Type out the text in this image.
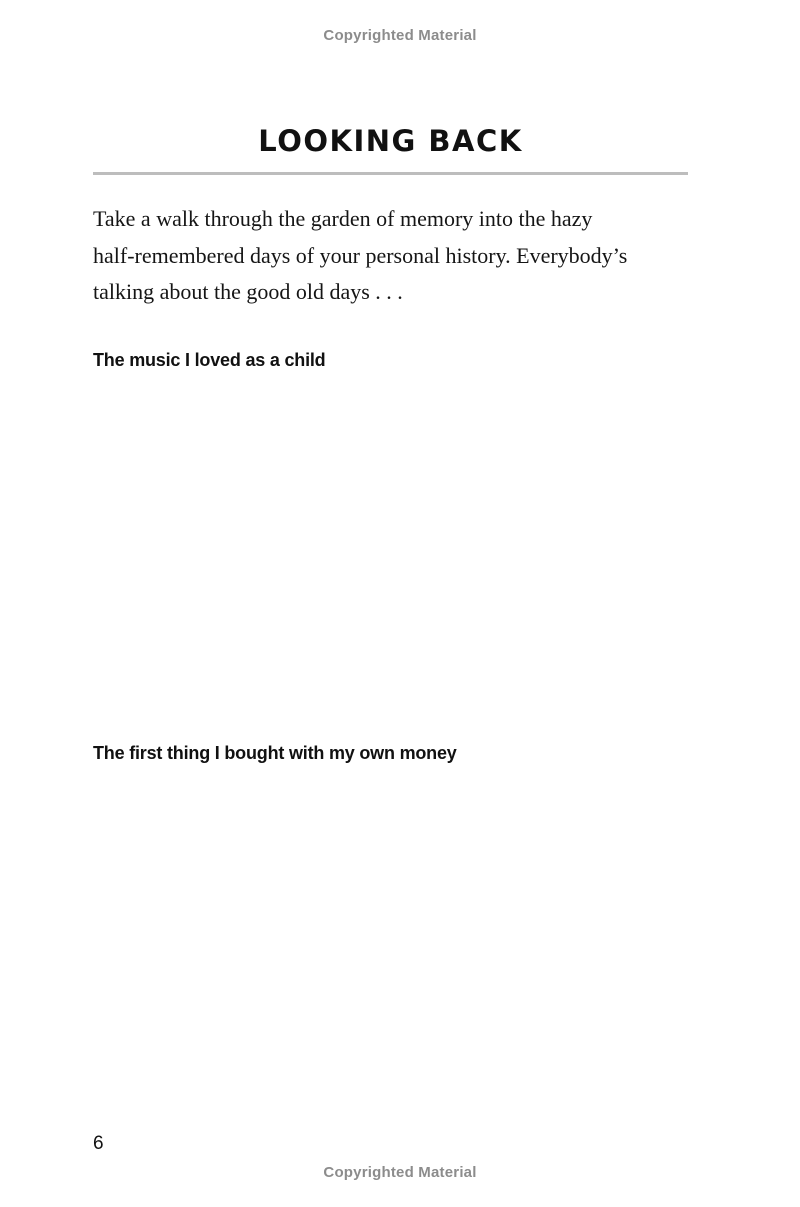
Copyrighted Material
LOOKING BACK

Take a walk through the garden of memory into the hazy
half-remembered days of your personal history. Everybody’s
talking about the good old days . . .

The music I loved as a child
The first thing I bought with my own money
6
Copyrighted Material
